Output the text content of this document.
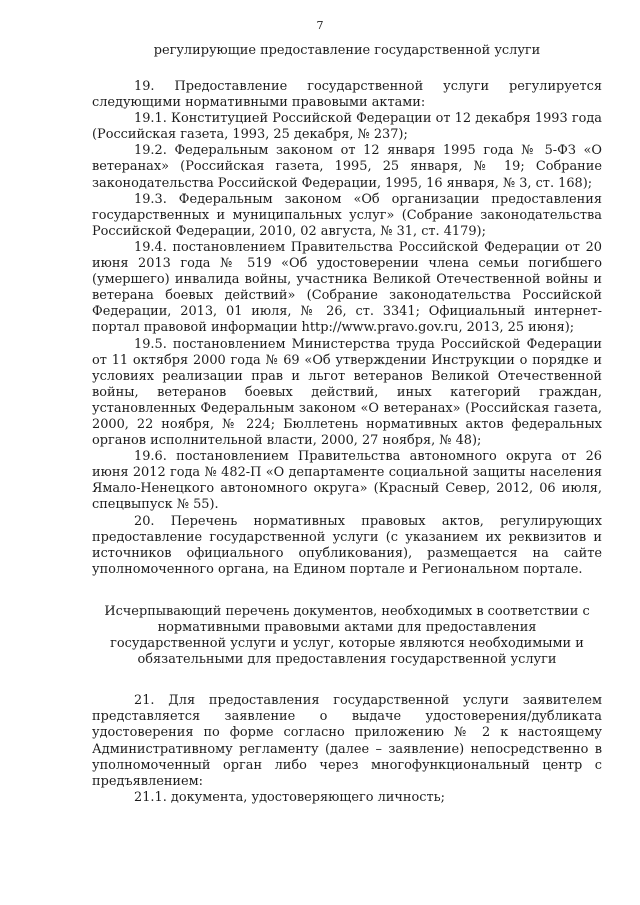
7
регулирующие предоставление государственной услуги

19. Предоставление государственной услуги регулируется следующими нормативными правовыми актами:

19.1. Конституцией Российской Федерации от 12 декабря 1993 года (Российская газета, 1993, 25 декабря, № 237);

19.2. Федеральным законом от 12 января 1995 года № 5-ФЗ «О ветеранах» (Российская газета, 1995, 25 января, № 19; Собрание законодательства Российской Федерации, 1995, 16 января, № 3, ст. 168);

19.3. Федеральным законом «Об организации предоставления государственных и муниципальных услуг» (Собрание законодательства Российской Федерации, 2010, 02 августа, № 31, ст. 4179);

19.4. постановлением Правительства Российской Федерации от 20 июня 2013 года № 519 «Об удостоверении члена семьи погибшего (умершего) инвалида войны, участника Великой Отечественной войны и ветерана боевых действий» (Собрание законодательства Российской Федерации, 2013, 01 июля, № 26, ст. 3341; Официальный интернет-портал правовой информации http://www.pravo.gov.ru, 2013, 25 июня);

19.5. постановлением Министерства труда Российской Федерации от 11 октября 2000 года № 69 «Об утверждении Инструкции о порядке и условиях реализации прав и льгот ветеранов Великой Отечественной войны, ветеранов боевых действий, иных категорий граждан, установленных Федеральным законом «О ветеранах» (Российская газета, 2000, 22 ноября, № 224; Бюллетень нормативных актов федеральных органов исполнительной власти, 2000, 27 ноября, № 48);

19.6. постановлением Правительства автономного округа от 26 июня 2012 года № 482-П «О департаменте социальной защиты населения Ямало-Ненецкого автономного округа» (Красный Север, 2012, 06 июля, спецвыпуск № 55).

20. Перечень нормативных правовых актов, регулирующих предоставление государственной услуги (с указанием их реквизитов и источников официального опубликования), размещается на сайте уполномоченного органа, на Едином портале и Региональном портале.

Исчерпывающий перечень документов, необходимых в соответствии с нормативными правовыми актами для предоставления государственной услуги и услуг, которые являются необходимыми и обязательными для предоставления государственной услуги

21. Для предоставления государственной услуги заявителем представляется заявление о выдаче удостоверения/дубликата удостоверения по форме согласно приложению № 2 к настоящему Административному регламенту (далее – заявление) непосредственно в уполномоченный орган либо через многофункциональный центр с предъявлением:

21.1. документа, удостоверяющего личность;
